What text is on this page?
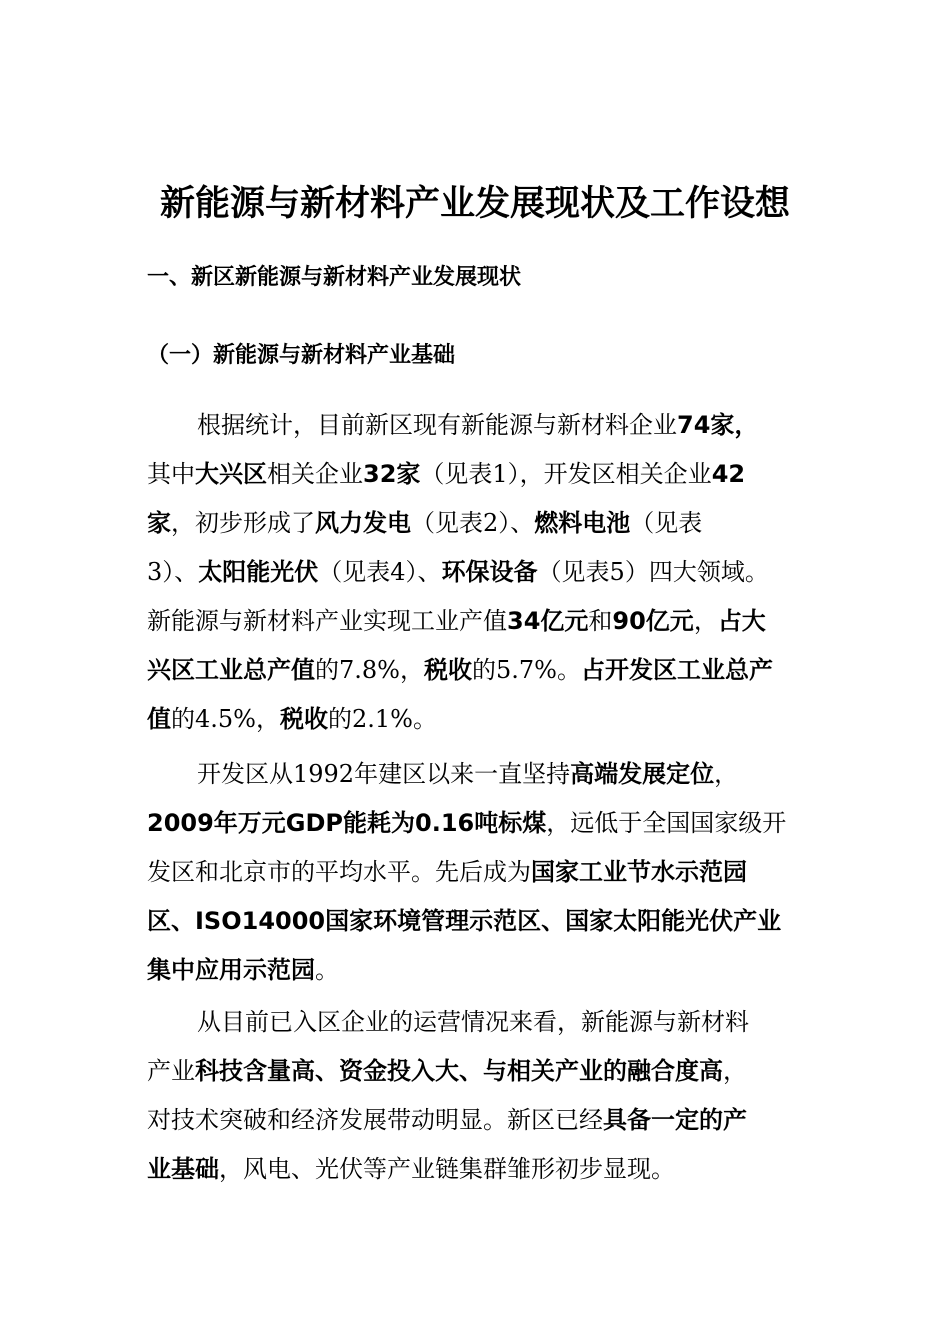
新能源与新材料产业发展现状及工作设想
一、新区新能源与新材料产业发展现状
（一）新能源与新材料产业基础
根据统计，目前新区现有新能源与新材料企业74家，
其中大兴区相关企业32家（见表1），开发区相关企业42
家，初步形成了风力发电（见表2）、燃料电池（见表
3）、太阳能光伏（见表4）、环保设备（见表5）四大领域。
新能源与新材料产业实现工业产值34亿元和90亿元，占大
兴区工业总产值的7.8%，税收的5.7%。占开发区工业总产
值的4.5%，税收的2.1%。
开发区从1992年建区以来一直坚持高端发展定位，
2009年万元GDP能耗为0.16吨标煤，远低于全国国家级开
发区和北京市的平均水平。先后成为国家工业节水示范园
区、ISO14000国家环境管理示范区、国家太阳能光伏产业
集中应用示范园。
从目前已入区企业的运营情况来看，新能源与新材料
产业科技含量高、资金投入大、与相关产业的融合度高，
对技术突破和经济发展带动明显。新区已经具备一定的产
业基础，风电、光伏等产业链集群雏形初步显现。
